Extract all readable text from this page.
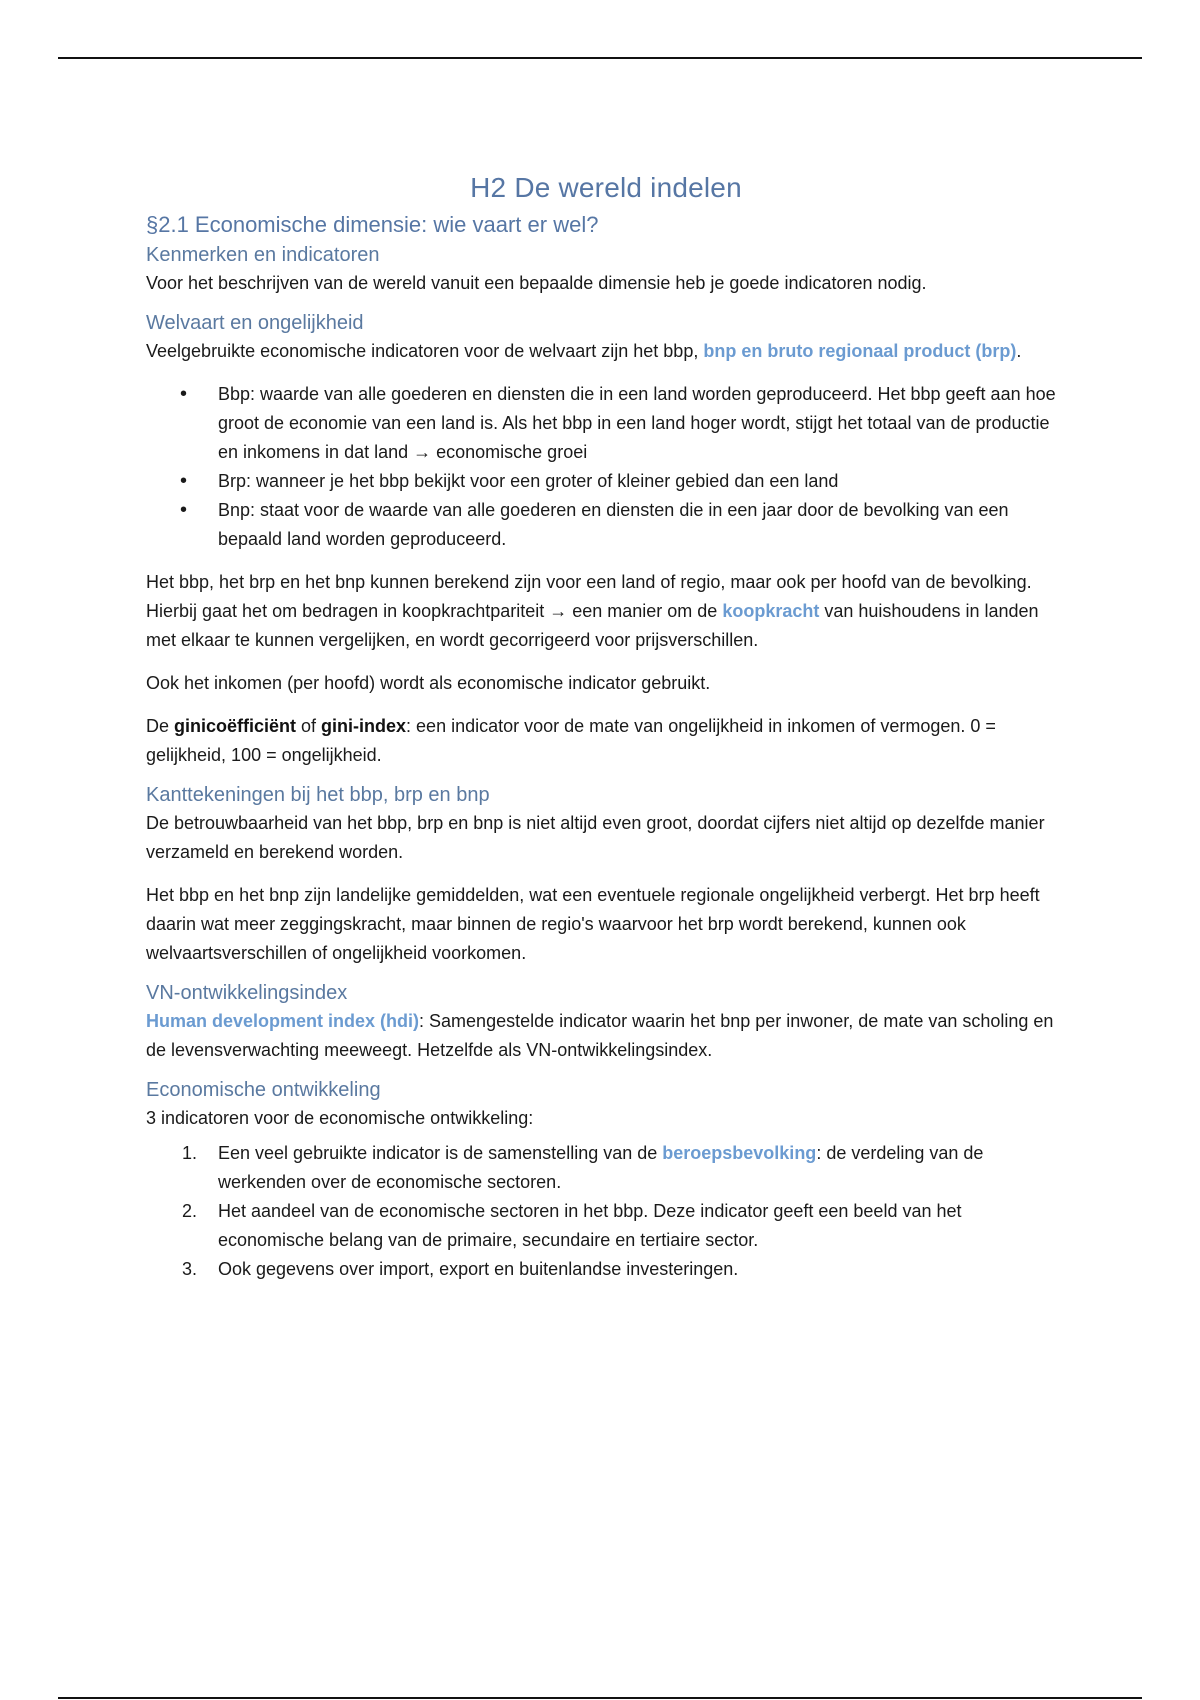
H2 De wereld indelen
§2.1 Economische dimensie: wie vaart er wel?
Kenmerken en indicatoren

Voor het beschrijven van de wereld vanuit een bepaalde dimensie heb je goede indicatoren nodig.

Welvaart en ongelijkheid

Veelgebruikte economische indicatoren voor de welvaart zijn het bbp, bnp en bruto regionaal product (brp).

• Bbp: waarde van alle goederen en diensten die in een land worden geproduceerd. Het bbp geeft aan hoe groot de economie van een land is. Als het bbp in een land hoger wordt, stijgt het totaal van de productie en inkomens in dat land → economische groei
• Brp: wanneer je het bbp bekijkt voor een groter of kleiner gebied dan een land
• Bnp: staat voor de waarde van alle goederen en diensten die in een jaar door de bevolking van een bepaald land worden geproduceerd.

Het bbp, het brp en het bnp kunnen berekend zijn voor een land of regio, maar ook per hoofd van de bevolking. Hierbij gaat het om bedragen in koopkrachtpariteit → een manier om de koopkracht van huishoudens in landen met elkaar te kunnen vergelijken, en wordt gecorrigeerd voor prijsverschillen.

Ook het inkomen (per hoofd) wordt als economische indicator gebruikt.

De ginicoëfficiënt of gini-index: een indicator voor de mate van ongelijkheid in inkomen of vermogen. 0 = gelijkheid, 100 = ongelijkheid.

Kanttekeningen bij het bbp, brp en bnp

De betrouwbaarheid van het bbp, brp en bnp is niet altijd even groot, doordat cijfers niet altijd op dezelfde manier verzameld en berekend worden.

Het bbp en het bnp zijn landelijke gemiddelden, wat een eventuele regionale ongelijkheid verbergt. Het brp heeft daarin wat meer zeggingskracht, maar binnen de regio's waarvoor het brp wordt berekend, kunnen ook welvaartsverschillen of ongelijkheid voorkomen.

VN-ontwikkelingsindex

Human development index (hdi): Samengestelde indicator waarin het bnp per inwoner, de mate van scholing en de levensverwachting meeweegt. Hetzelfde als VN-ontwikkelingsindex.

Economische ontwikkeling

3 indicatoren voor de economische ontwikkeling:

1. Een veel gebruikte indicator is de samenstelling van de beroepsbevolking: de verdeling van de werkenden over de economische sectoren.
2. Het aandeel van de economische sectoren in het bbp. Deze indicator geeft een beeld van het economische belang van de primaire, secundaire en tertiaire sector.
3. Ook gegevens over import, export en buitenlandse investeringen.
